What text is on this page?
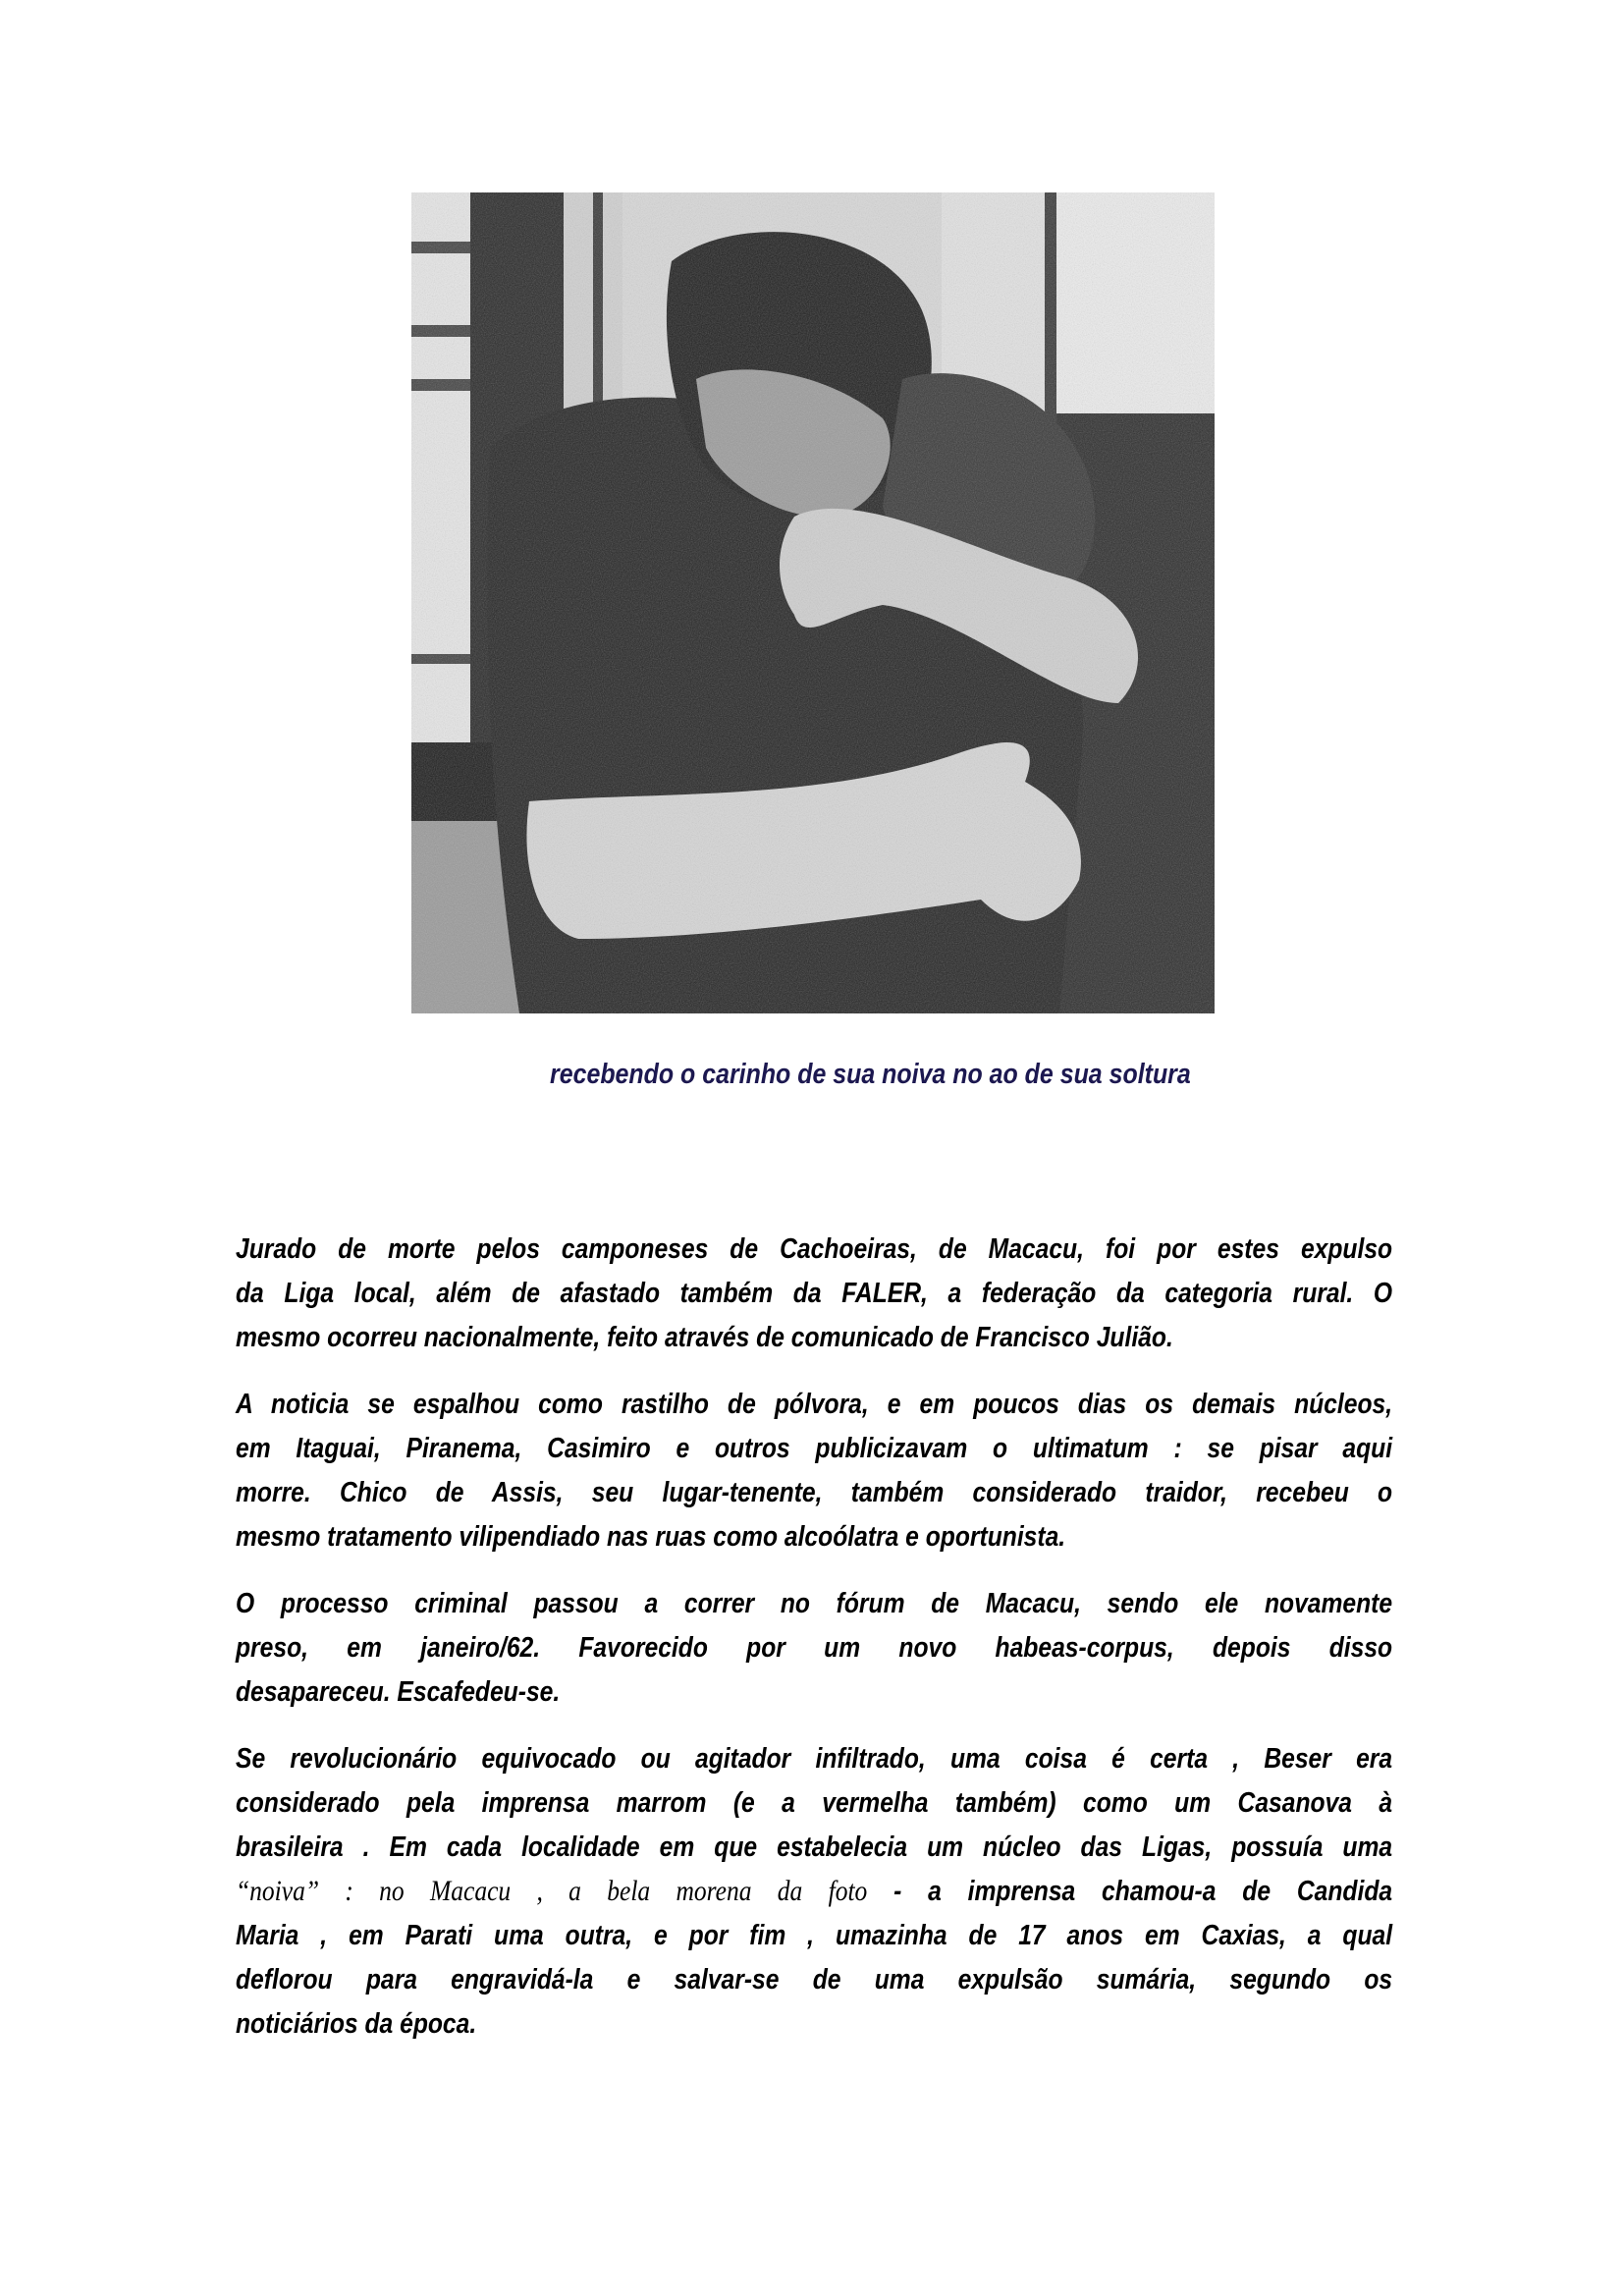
recebendo o carinho de sua noiva no ao de sua soltura
Jurado de morte pelos camponeses de Cachoeiras, de Macacu, foi por estes expulso
da Liga local, além de afastado também da FALER, a federação da categoria rural. O
mesmo ocorreu nacionalmente, feito através de comunicado de Francisco Julião.
A noticia se espalhou como rastilho de pólvora, e em poucos dias os demais núcleos,
em Itaguai, Piranema, Casimiro e outros publicizavam o ultimatum : se pisar aqui
morre. Chico de Assis, seu lugar-tenente, também considerado traidor, recebeu o
mesmo tratamento vilipendiado nas ruas como alcoólatra e oportunista.
O processo criminal passou a correr no fórum de Macacu, sendo ele novamente
preso, em janeiro/62. Favorecido por um novo habeas-corpus, depois disso
desapareceu. Escafedeu-se.
Se revolucionário equivocado ou agitador infiltrado, uma coisa é certa , Beser era
considerado pela imprensa marrom (e a vermelha também) como um Casanova à
brasileira . Em cada localidade em que estabelecia um núcleo das Ligas, possuía uma
“noiva” : no Macacu , a bela morena da foto - a imprensa chamou-a de Candida
Maria , em Parati uma outra, e por fim , umazinha de 17 anos em Caxias, a qual
deflorou para engravidá-la e salvar-se de uma expulsão sumária, segundo os
noticiários da época.
